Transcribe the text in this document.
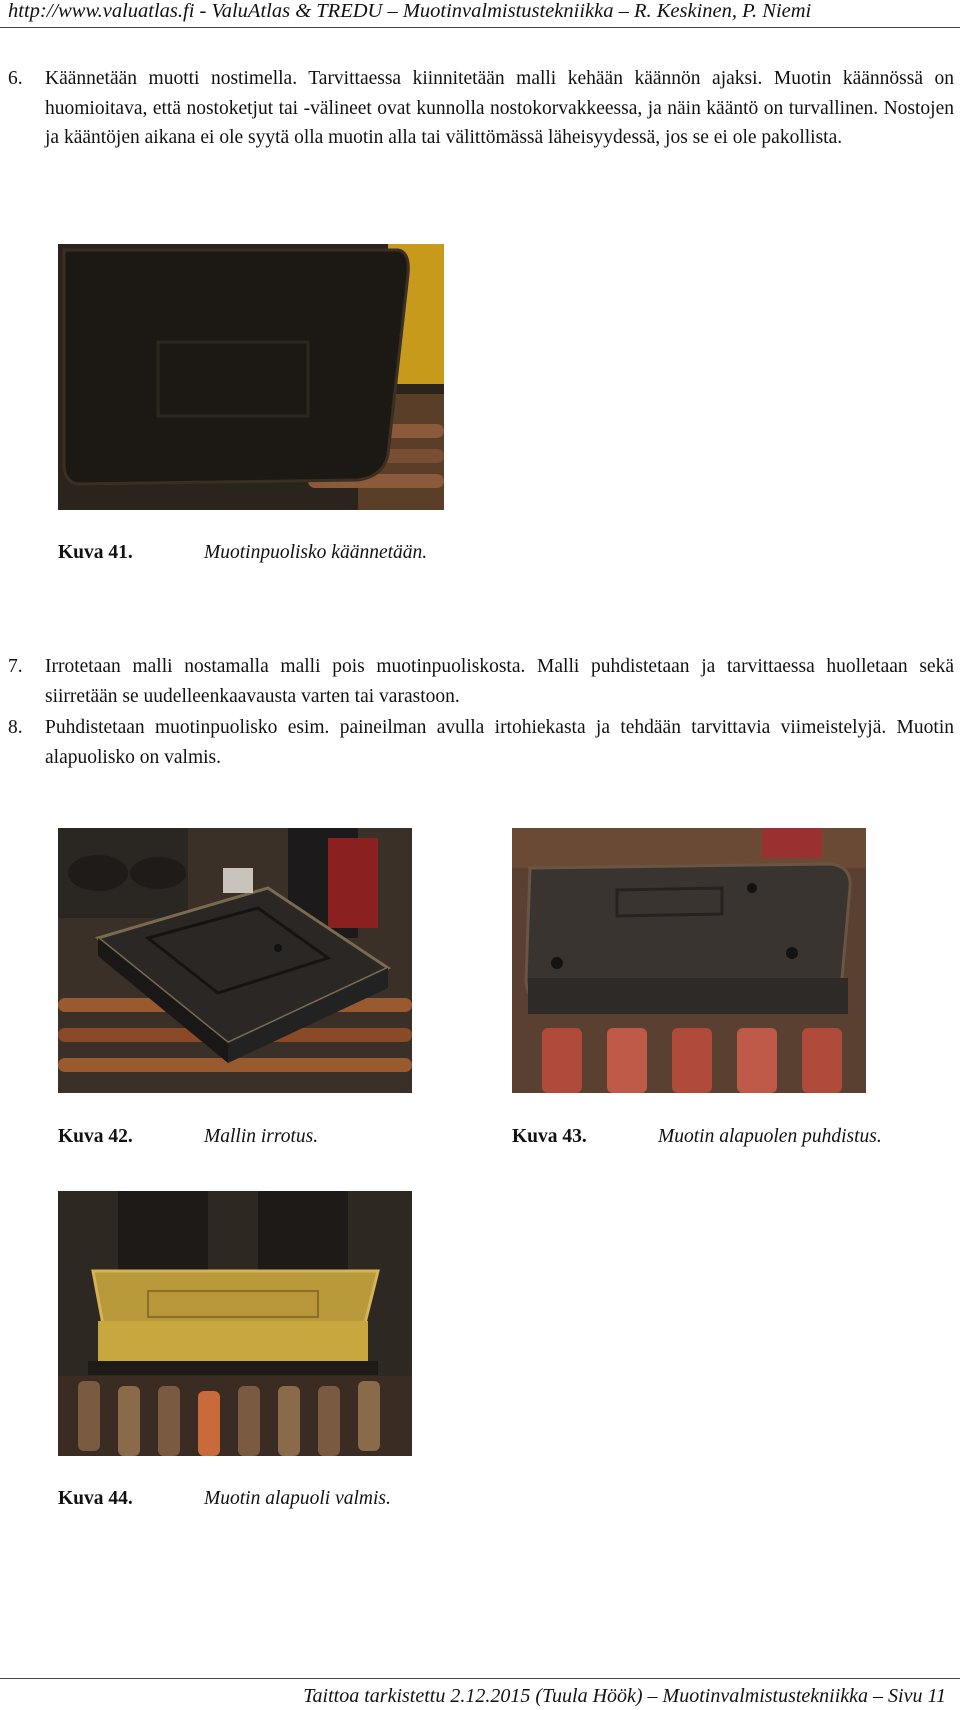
http://www.valuatlas.fi - ValuAtlas & TREDU – Muotinvalmistustekniikka – R. Keskinen, P. Niemi
6. Käännetään muotti nostimella. Tarvittaessa kiinnitetään malli kehään käännön ajaksi. Muotin käännössä on huomioitava, että nostoketjut tai -välineet ovat kunnolla nostokorvakkeessa, ja näin kääntö on turvallinen. Nostojen ja kääntöjen aikana ei ole syytä olla muotin alla tai välittömässä läheisyydessä, jos se ei ole pakollista.
Kuva 41.	Muotinpuolisko käännetään.
7. Irrotetaan malli nostamalla malli pois muotinpuoliskosta. Malli puhdistetaan ja tarvittaessa huolletaan sekä siirretään se uudelleenkaavausta varten tai varastoon.
8. Puhdistetaan muotinpuolisko esim. paineilman avulla irtohiekasta ja tehdään tarvittavia viimeistelyjä. Muotin alapuolisko on valmis.
Kuva 42.	Mallin irrotus.	Kuva 43.	Muotin alapuolen puhdistus.
Kuva 44.	Muotin alapuoli valmis.
Taittoa tarkistettu 2.12.2015 (Tuula Höök) – Muotinvalmistustekniikka – Sivu 11
